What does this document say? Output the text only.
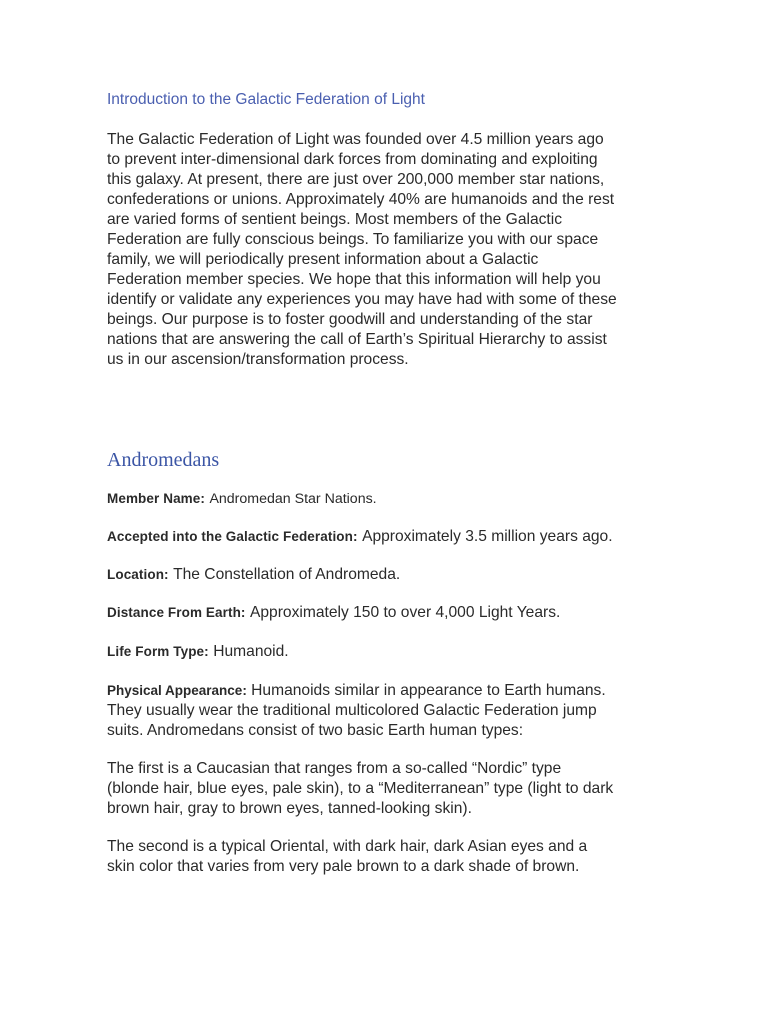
Introduction to the Galactic Federation of Light
The Galactic Federation of Light was founded over 4.5 million years ago
to prevent inter-dimensional dark forces from dominating and exploiting
this galaxy. At present, there are just over 200,000 member star nations,
confederations or unions. Approximately 40% are humanoids and the rest
are varied forms of sentient beings. Most members of the Galactic
Federation are fully conscious beings. To familiarize you with our space
family, we will periodically present information about a Galactic
Federation member species. We hope that this information will help you
identify or validate any experiences you may have had with some of these
beings. Our purpose is to foster goodwill and understanding of the star
nations that are answering the call of Earth’s Spiritual Hierarchy to assist
us in our ascension/transformation process.
Andromedans
Member Name: Andromedan Star Nations.
Accepted into the Galactic Federation: Approximately 3.5 million years ago.
Location: The Constellation of Andromeda.
Distance From Earth: Approximately 150 to over 4,000 Light Years.
Life Form Type: Humanoid.
Physical Appearance: Humanoids similar in appearance to Earth humans.
They usually wear the traditional multicolored Galactic Federation jump
suits. Andromedans consist of two basic Earth human types:
The first is a Caucasian that ranges from a so-called “Nordic” type
(blonde hair, blue eyes, pale skin), to a “Mediterranean” type (light to dark
brown hair, gray to brown eyes, tanned-looking skin).
The second is a typical Oriental, with dark hair, dark Asian eyes and a
skin color that varies from very pale brown to a dark shade of brown.
